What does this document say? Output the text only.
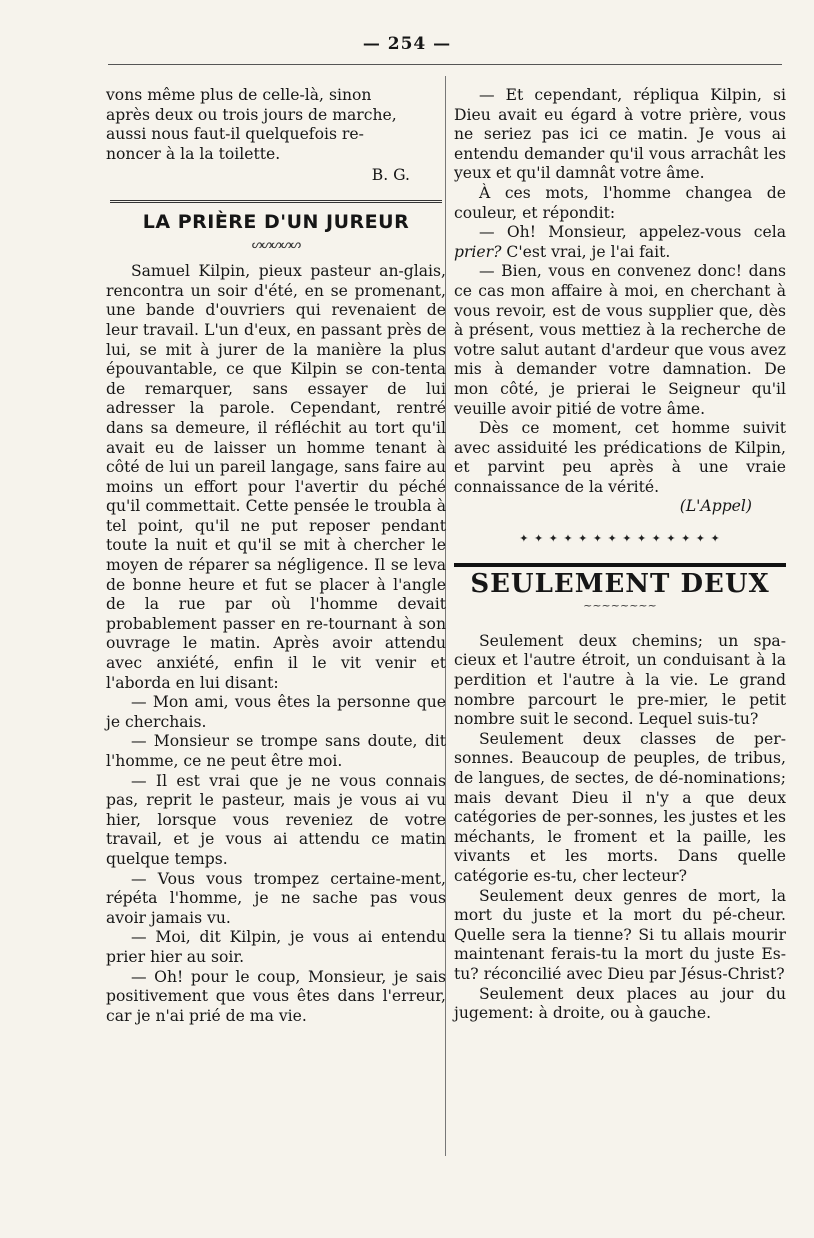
— 254 —

vons même plus de celle-là, sinon

après deux ou trois jours de marche,

aussi nous faut-il quelquefois re-

noncer à la la toilette.

B. G.
LA PRIÈRE D'UN JUREUR
ᔕᔕᔕᔕᔕ

Samuel Kilpin, pieux pasteur an-glais, rencontra un soir d'été, en se promenant, une bande d'ouvriers qui revenaient de leur travail. L'un d'eux, en passant près de lui, se mit à jurer de la manière la plus épouvantable, ce que Kilpin se con-tenta de remarquer, sans essayer de lui adresser la parole. Cependant, rentré dans sa demeure, il réfléchit au tort qu'il avait eu de laisser un homme tenant à côté de lui un pareil langage, sans faire au moins un effort pour l'avertir du péché qu'il commettait. Cette pensée le troubla à tel point, qu'il ne put reposer pendant toute la nuit et qu'il se mit à chercher le moyen de réparer sa négligence. Il se leva de bonne heure et fut se placer à l'angle de la rue par où l'homme devait probablement passer en re-tournant à son ouvrage le matin. Après avoir attendu avec anxiété, enfin il le vit venir et l'aborda en lui disant:

— Mon ami, vous êtes la personne que je cherchais.

— Monsieur se trompe sans doute, dit l'homme, ce ne peut être moi.

— Il est vrai que je ne vous connais pas, reprit le pasteur, mais je vous ai vu hier, lorsque vous reveniez de votre travail, et je vous ai attendu ce matin quelque temps.

— Vous vous trompez certaine-ment, répéta l'homme, je ne sache pas vous avoir jamais vu.

— Moi, dit Kilpin, je vous ai entendu prier hier au soir.

— Oh! pour le coup, Monsieur, je sais positivement que vous êtes dans l'erreur, car je n'ai prié de ma vie.

— Et cependant, répliqua Kilpin, si Dieu avait eu égard à votre prière, vous ne seriez pas ici ce matin. Je vous ai entendu demander qu'il vous arrachât les yeux et qu'il damnât votre âme.

À ces mots, l'homme changea de couleur, et répondit:

— Oh! Monsieur, appelez-vous cela prier? C'est vrai, je l'ai fait.

— Bien, vous en convenez donc! dans ce cas mon affaire à moi, en cherchant à vous revoir, est de vous supplier que, dès à présent, vous mettiez à la recherche de votre salut autant d'ardeur que vous avez mis à demander votre damnation. De mon côté, je prierai le Seigneur qu'il veuille avoir pitié de votre âme.

Dès ce moment, cet homme suivit avec assiduité les prédications de Kilpin, et parvint peu après à une vraie connaissance de la vérité.

(L'Appel)
✦ ✦ ✦ ✦ ✦ ✦ ✦ ✦ ✦ ✦ ✦ ✦ ✦ ✦
SEULEMENT DEUX
~~~~~~~~

Seulement deux chemins; un spa-cieux et l'autre étroit, un conduisant à la perdition et l'autre à la vie. Le grand nombre parcourt le pre-mier, le petit nombre suit le second. Lequel suis-tu?

Seulement deux classes de per-sonnes. Beaucoup de peuples, de tribus, de langues, de sectes, de dé-nominations; mais devant Dieu il n'y a que deux catégories de per-sonnes, les justes et les méchants, le froment et la paille, les vivants et les morts. Dans quelle catégorie es-tu, cher lecteur?

Seulement deux genres de mort, la mort du juste et la mort du pé-cheur. Quelle sera la tienne? Si tu allais mourir maintenant ferais-tu la mort du juste Es-tu? réconcilié avec Dieu par Jésus-Christ?

Seulement deux places au jour du jugement: à droite, ou à gauche.
